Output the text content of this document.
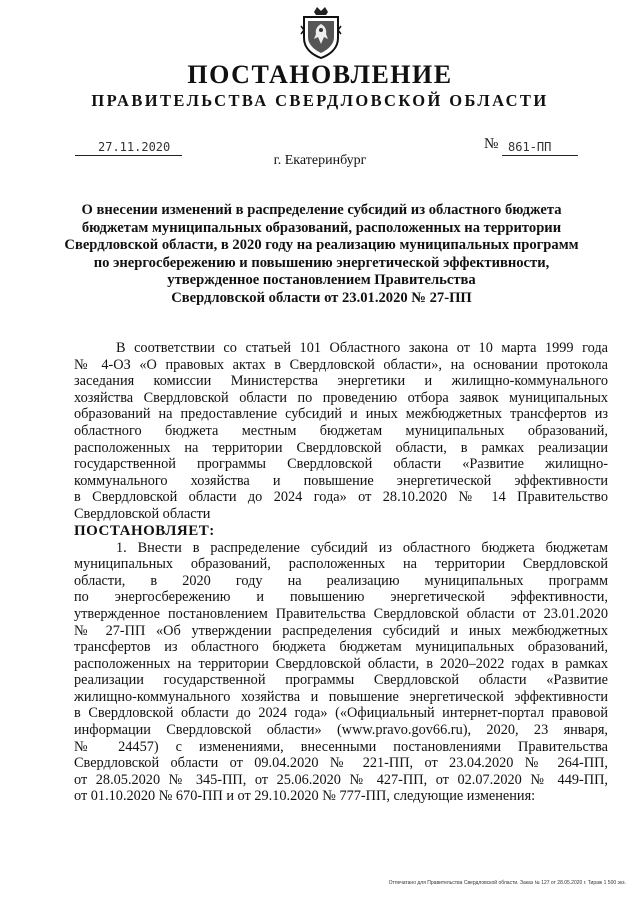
ПОСТАНОВЛЕНИЕ
ПРАВИТЕЛЬСТВА СВЕРДЛОВСКОЙ ОБЛАСТИ
27.11.2020	№ 861-ПП
г. Екатеринбург
О внесении изменений в распределение субсидий из областного бюджета
бюджетам муниципальных образований, расположенных на территории
Свердловской области, в 2020 году на реализацию муниципальных программ
по энергосбережению и повышению энергетической эффективности,
утвержденное постановлением Правительства
Свердловской области от 23.01.2020 № 27-ПП
В соответствии со статьей 101 Областного закона от 10 марта 1999 года
№ 4-ОЗ «О правовых актах в Свердловской области», на основании протокола
заседания комиссии Министерства энергетики и жилищно-коммунального
хозяйства Свердловской области по проведению отбора заявок муниципальных
образований на предоставление субсидий и иных межбюджетных трансфертов из
областного бюджета местным бюджетам муниципальных образований,
расположенных на территории Свердловской области, в рамках реализации
государственной программы Свердловской области «Развитие жилищно-
коммунального хозяйства и повышение энергетической эффективности
в Свердловской области до 2024 года» от 28.10.2020 № 14 Правительство
Свердловской области
ПОСТАНОВЛЯЕТ:
1. Внести в распределение субсидий из областного бюджета бюджетам
муниципальных образований, расположенных на территории Свердловской
области, в 2020 году на реализацию муниципальных программ
по энергосбережению и повышению энергетической эффективности,
утвержденное постановлением Правительства Свердловской области от 23.01.2020
№ 27-ПП «Об утверждении распределения субсидий и иных межбюджетных
трансфертов из областного бюджета бюджетам муниципальных образований,
расположенных на территории Свердловской области, в 2020–2022 годах в рамках
реализации государственной программы Свердловской области «Развитие
жилищно-коммунального хозяйства и повышение энергетической эффективности
в Свердловской области до 2024 года» («Официальный интернет-портал правовой
информации Свердловской области» (www.pravo.gov66.ru), 2020, 23 января,
№ 24457) с изменениями, внесенными постановлениями Правительства
Свердловской области от 09.04.2020 № 221-ПП, от 23.04.2020 № 264-ПП,
от 28.05.2020 № 345-ПП, от 25.06.2020 № 427-ПП, от 02.07.2020 № 449-ПП,
от 01.10.2020 № 670-ПП и от 29.10.2020 № 777-ПП, следующие изменения:
Отпечатано для Правительства Свердловской области. Заказ № 127 от 28.05.2020 г. Тираж 1 500 экз.
